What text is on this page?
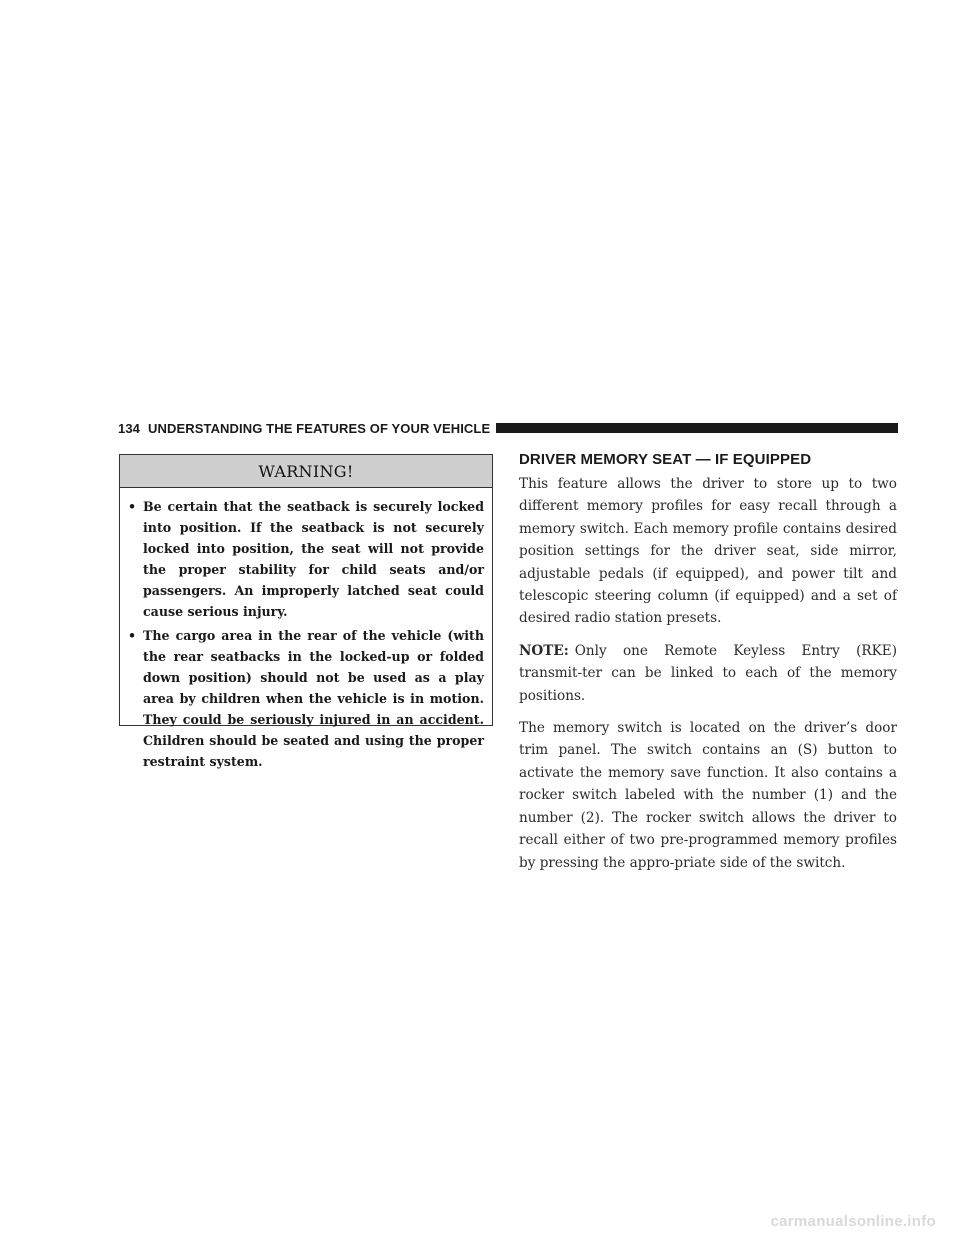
134 UNDERSTANDING THE FEATURES OF YOUR VEHICLE
WARNING!
• Be certain that the seatback is securely locked into position. If the seatback is not securely locked into position, the seat will not provide the proper stability for child seats and/or passengers. An improperly latched seat could cause serious injury.
• The cargo area in the rear of the vehicle (with the rear seatbacks in the locked-up or folded down position) should not be used as a play area by children when the vehicle is in motion. They could be seriously injured in an accident. Children should be seated and using the proper restraint system.
DRIVER MEMORY SEAT — IF EQUIPPED

This feature allows the driver to store up to two different memory profiles for easy recall through a memory switch. Each memory profile contains desired position settings for the driver seat, side mirror, adjustable pedals (if equipped), and power tilt and telescopic steering column (if equipped) and a set of desired radio station presets.

NOTE: Only one Remote Keyless Entry (RKE) transmit-ter can be linked to each of the memory positions.

The memory switch is located on the driver’s door trim panel. The switch contains an (S) button to activate the memory save function. It also contains a rocker switch labeled with the number (1) and the number (2). The rocker switch allows the driver to recall either of two pre-programmed memory profiles by pressing the appro-priate side of the switch.

carmanualsonline.info
